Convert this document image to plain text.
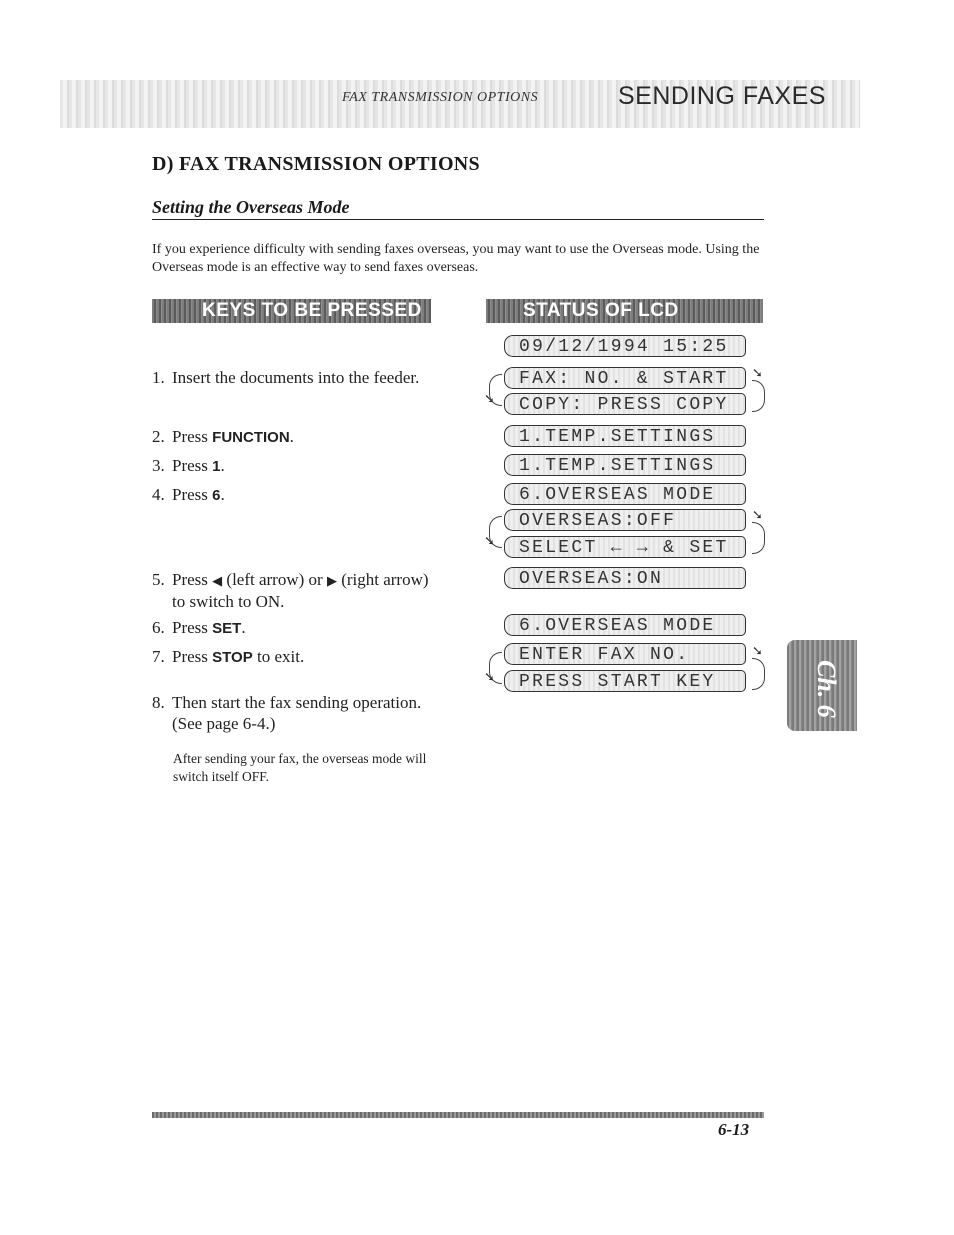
FAX TRANSMISSION OPTIONS	SENDING FAXES
D) FAX TRANSMISSION OPTIONS
Setting the Overseas Mode
If you experience difficulty with sending faxes overseas, you may want to use the Overseas mode. Using the Overseas mode is an effective way to send faxes overseas.
KEYS TO BE PRESSED	STATUS OF LCD
1. Insert the documents into the feeder.
2. Press FUNCTION.
3. Press 1.
4. Press 6.
5. Press ◀ (left arrow) or ▶ (right arrow) to switch to ON.
6. Press SET.
7. Press STOP to exit.
8. Then start the fax sending operation. (See page 6-4.)
After sending your fax, the overseas mode will switch itself OFF.
09/12/1994 15:25
➘
FAX: NO. & START
COPY: PRESS COPY
➘
1.TEMP.SETTINGS
1.TEMP.SETTINGS
6.OVERSEAS MODE
➘
OVERSEAS:OFF
SELECT ← → & SET
➘
OVERSEAS:ON
6.OVERSEAS MODE
➘
ENTER FAX NO.
PRESS START KEY
➘
Ch. 6
6-13
